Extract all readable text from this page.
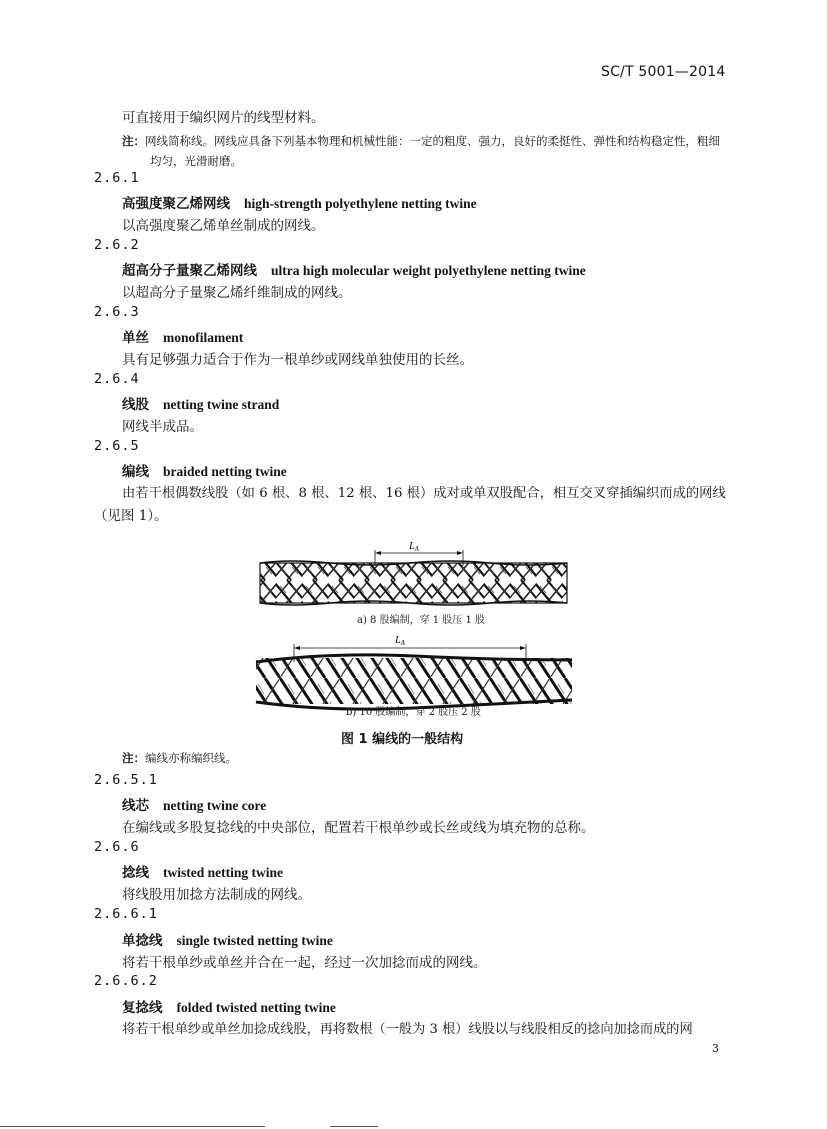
SC/T 5001—2014
可直接用于编织网片的线型材料。
注：网线简称线。网线应具备下列基本物理和机械性能：一定的粗度、强力，良好的柔挺性、弹性和结构稳定性，粗细
均匀，光滑耐磨。
2.6.1
高强度聚乙烯网线 high-strength polyethylene netting twine
以高强度聚乙烯单丝制成的网线。
2.6.2
超高分子量聚乙烯网线 ultra high molecular weight polyethylene netting twine
以超高分子量聚乙烯纤维制成的网线。
2.6.3
单丝 monofilament
具有足够强力适合于作为一根单纱或网线单独使用的长丝。
2.6.4
线股 netting twine strand
网线半成品。
2.6.5
编线 braided netting twine
由若干根偶数线股（如 6 根、8 根、12 根、16 根）成对或单双股配合，相互交叉穿插编织而成的网线
（见图 1）。
$L_A$
$L_A$
a) 8 股编制，穿 1 股压 1 股
b) 10 股编制，穿 2 股压 2 股
图 1 编线的一般结构
注：编线亦称编织线。
2.6.5.1
线芯 netting twine core
在编线或多股复捻线的中央部位，配置若干根单纱或长丝或线为填充物的总称。
2.6.6
捻线 twisted netting twine
将线股用加捻方法制成的网线。
2.6.6.1
单捻线 single twisted netting twine
将若干根单纱或单丝并合在一起，经过一次加捻而成的网线。
2.6.6.2
复捻线 folded twisted netting twine
将若干根单纱或单丝加捻成线股，再将数根（一般为 3 根）线股以与线股相反的捻向加捻而成的网
3
